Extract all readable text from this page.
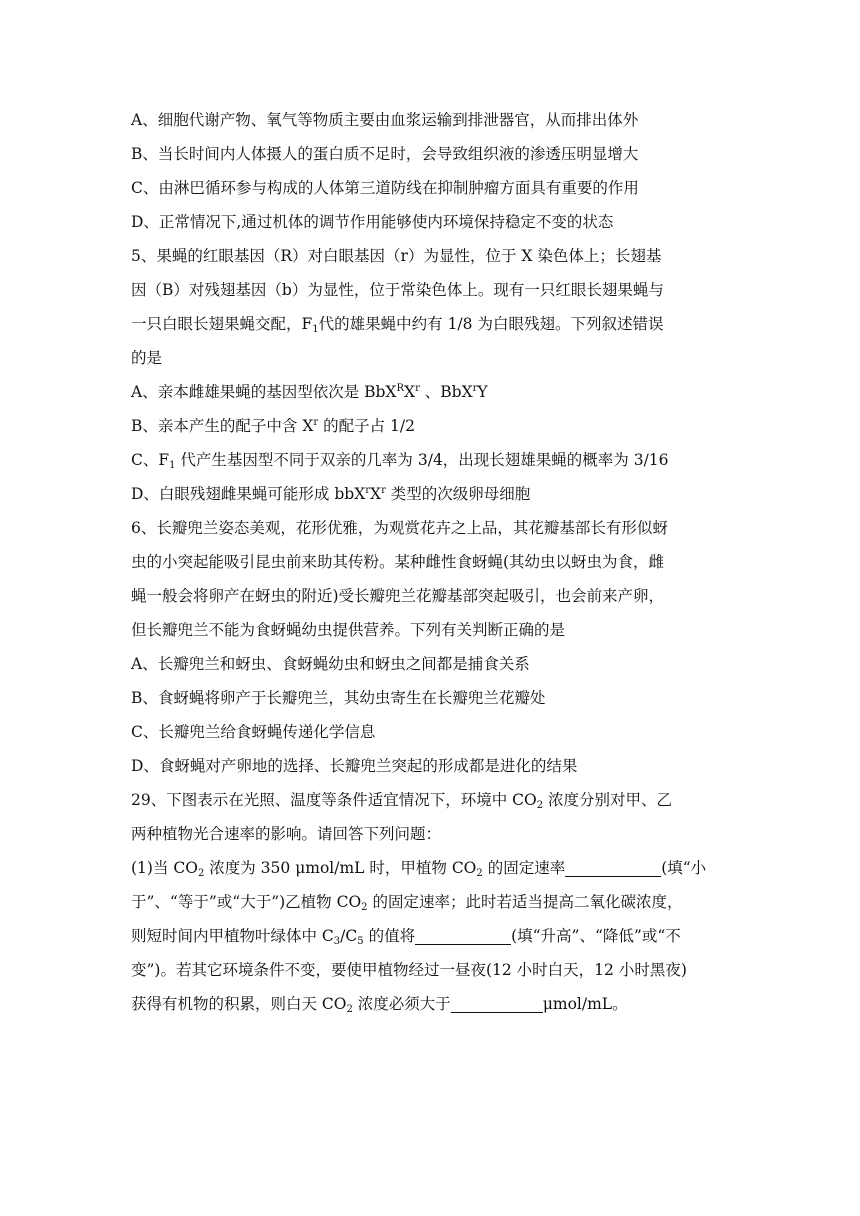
A、细胞代谢产物、氧气等物质主要由血浆运输到排泄器官，从而排出体外
B、当长时间内人体摄人的蛋白质不足时，会导致组织液的渗透压明显增大
C、由淋巴循环参与构成的人体第三道防线在抑制肿瘤方面具有重要的作用
D、正常情况下,通过机体的调节作用能够使内环境保持稳定不变的状态
5、果蝇的红眼基因（R）对白眼基因（r）为显性，位于 X 染色体上；长翅基
因（B）对残翅基因（b）为显性，位于常染色体上。现有一只红眼长翅果蝇与
一只白眼长翅果蝇交配，$F_1$代的雄果蝇中约有 1/8 为白眼残翅。下列叙述错误
的是
A、亲本雌雄果蝇的基因型依次是 $BbX^RX^r$ 、BbX$^r$Y
B、亲本产生的配子中含 $X^r$ 的配子占 1/2
C、$F_1$ 代产生基因型不同于双亲的几率为 3/4，出现长翅雄果蝇的概率为 3/16
D、白眼残翅雌果蝇可能形成 $bbX^rX^r$ 类型的次级卵母细胞
6、长瓣兜兰姿态美观，花形优雅，为观赏花卉之上品，其花瓣基部长有形似蚜
虫的小突起能吸引昆虫前来助其传粉。某种雌性食蚜蝇(其幼虫以蚜虫为食，雌
蝇一般会将卵产在蚜虫的附近)受长瓣兜兰花瓣基部突起吸引，也会前来产卵，
但长瓣兜兰不能为食蚜蝇幼虫提供营养。下列有关判断正确的是
A、长瓣兜兰和蚜虫、食蚜蝇幼虫和蚜虫之间都是捕食关系
B、食蚜蝇将卵产于长瓣兜兰，其幼虫寄生在长瓣兜兰花瓣处
C、长瓣兜兰给食蚜蝇传递化学信息
D、食蚜蝇对产卵地的选择、长瓣兜兰突起的形成都是进化的结果
29、下图表示在光照、温度等条件适宜情况下，环境中 $CO_2$ 浓度分别对甲、乙
两种植物光合速率的影响。请回答下列问题：
(1)当 $CO_2$ 浓度为 350 μmol/mL 时，甲植物 $CO_2$ 的固定速率	(填“小
于”、“等于”或“大于”)乙植物 $CO_2$ 的固定速率；此时若适当提高二氧化碳浓度，
则短时间内甲植物叶绿体中 $C_3/C_5$ 的值将	(填“升高”、“降低”或“不
变”)。若其它环境条件不变，要使甲植物经过一昼夜(12 小时白天，12 小时黑夜)
获得有机物的积累，则白天 $CO_2$ 浓度必须大于	μmol/mL。
